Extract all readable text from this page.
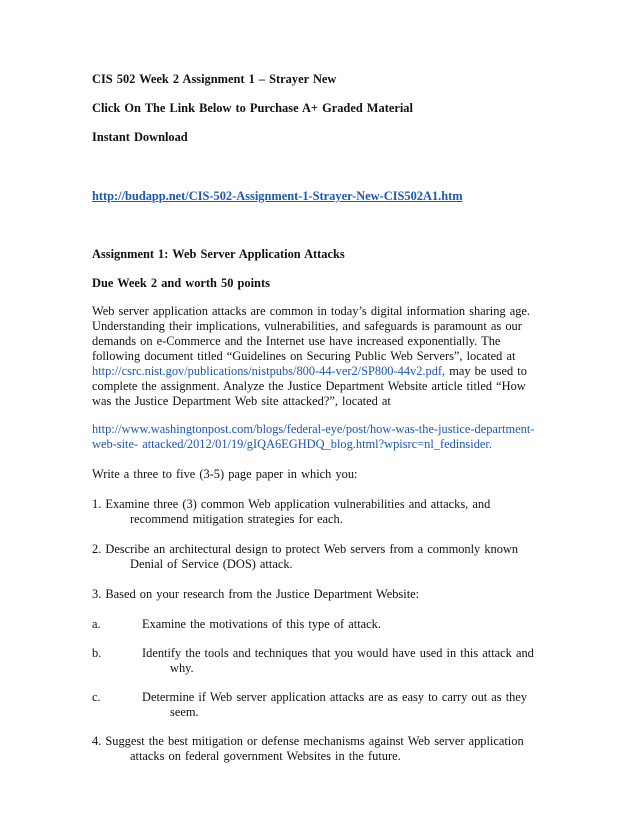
CIS 502 Week 2 Assignment 1 – Strayer New

Click On The Link Below to Purchase A+ Graded Material

Instant Download

http://budapp.net/CIS-502-Assignment-1-Strayer-New-CIS502A1.htm

Assignment 1: Web Server Application Attacks

Due Week 2 and worth 50 points

Web server application attacks are common in today’s digital information sharing age.

Understanding their implications, vulnerabilities, and safeguards is paramount as our

demands on e-Commerce and the Internet use have increased exponentially. The

following document titled “Guidelines on Securing Public Web Servers”, located at

http://csrc.nist.gov/publications/nistpubs/800-44-ver2/SP800-44v2.pdf, may be used to

complete the assignment. Analyze the Justice Department Website article titled “How

was the Justice Department Web site attacked?”, located at

http://www.washingtonpost.com/blogs/federal-eye/post/how-was-the-justice-department-

web-site- attacked/2012/01/19/gIQA6EGHDQ_blog.html?wpisrc=nl_fedinsider.

Write a three to five (3-5) page paper in which you:

1. Examine three (3) common Web application vulnerabilities and attacks, and

recommend mitigation strategies for each.

2. Describe an architectural design to protect Web servers from a commonly known

Denial of Service (DOS) attack.

3. Based on your research from the Justice Department Website:

a.	Examine the motivations of this type of attack.

b.	Identify the tools and techniques that you would have used in this attack and

why.

c.	Determine if Web server application attacks are as easy to carry out as they

seem.

4. Suggest the best mitigation or defense mechanisms against Web server application

attacks on federal government Websites in the future.
